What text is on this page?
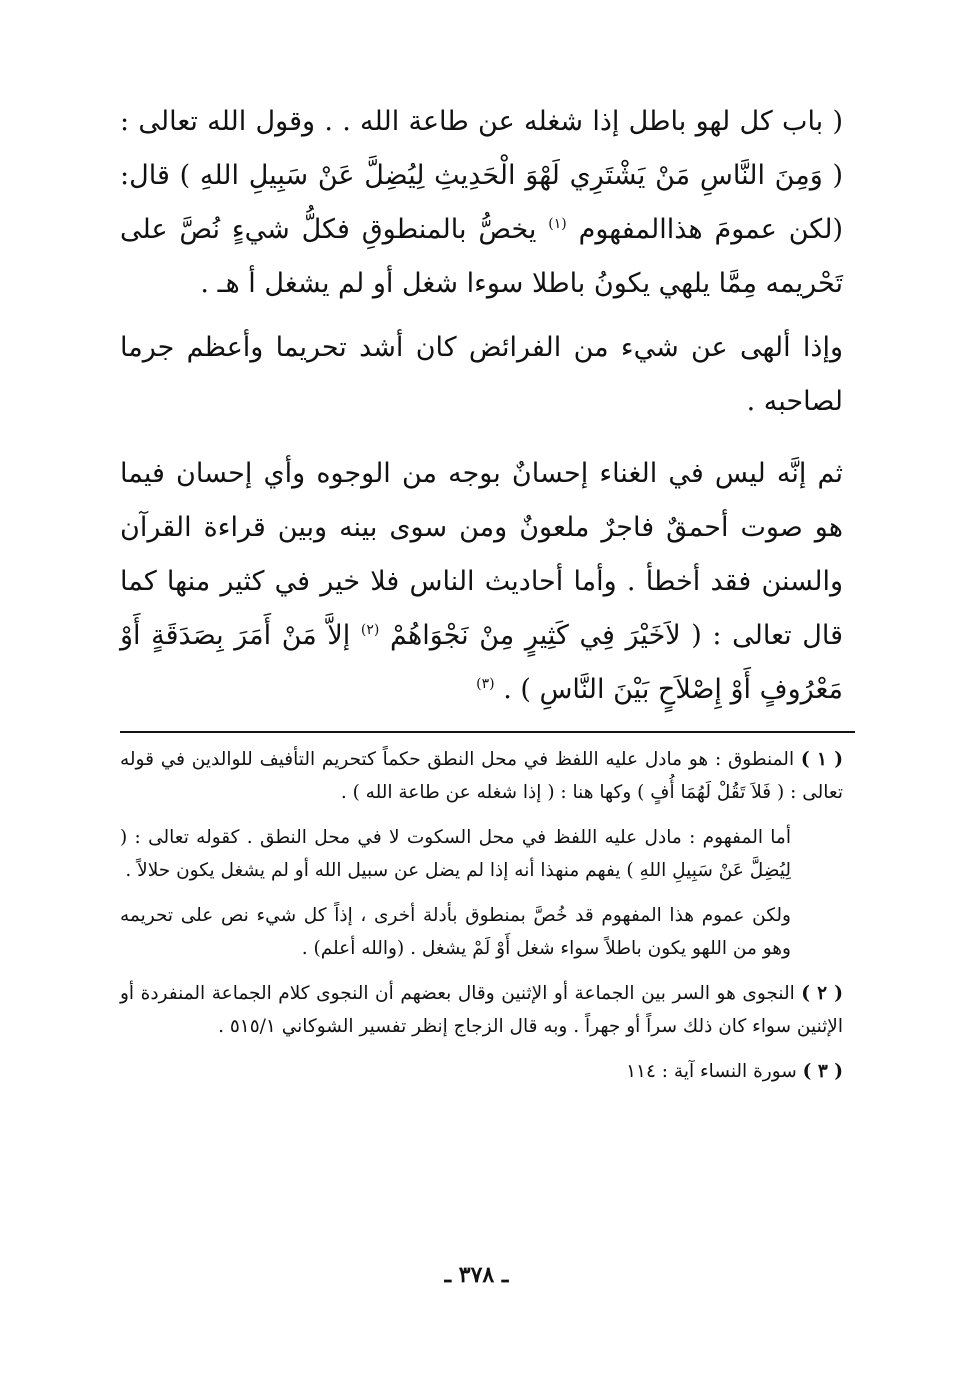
( باب كل لهو باطل إذا شغله عن طاعة الله . . وقول الله تعالى : ( وَمِنَ النَّاسِ مَنْ يَشْتَرِي لَهْوَ الْحَدِيثِ لِيُضِلَّ عَنْ سَبِيلِ اللهِ ) قال: (لكن عمومَ هذاالمفهوم $^{(١)}$ يخصُّ بالمنطوقِ فكلُّ شيءٍ نُصَّ على تَحْريمه مِمَّا يلهي يكونُ باطلا سوءا شغل أو لم يشغل أ هـ .

وإذا ألهى عن شيء من الفرائض كان أشد تحريما وأعظم جرما لصاحبه .

ثم إنَّه ليس في الغناء إحسانٌ بوجه من الوجوه وأي إحسان فيما هو صوت أحمقٌ فاجرٌ ملعونٌ ومن سوى بينه وبين قراءة القرآن والسنن فقد أخطأ . وأما أحاديث الناس فلا خير في كثير منها كما قال تعالى : ( لاَخَيْرَ فِي كَثِيرٍ مِنْ نَجْوَاهُمْ $^{(٢)}$ إلاَّ مَنْ أَمَرَ بِصَدَقَةٍ أَوْ مَعْرُوفٍ أَوْ إِصْلاَحٍ بَيْنَ النَّاسِ ) . $^{(٣)}$

( ١ ) المنطوق : هو مادل عليه اللفظ في محل النطق حكماً كتحريم التأفيف للوالدين في قوله تعالى : ( فَلاَ تَقُلْ لَهُمَا أُفٍ ) وكها هنا : ( إذا شغله عن طاعة الله ) .

أما المفهوم : مادل عليه اللفظ في محل السكوت لا في محل النطق . كقوله تعالى : ( لِيُضِلَّ عَنْ سَبِيلِ اللهِ ) يفهم منهذا أنه إذا لم يضل عن سبيل الله أو لم يشغل يكون حلالاً .

ولكن عموم هذا المفهوم قد خُصَّ بمنطوق بأدلة أخرى ، إذاً كل شيء نص على تحريمه وهو من اللهو يكون باطلاً سواء شغل أَوْ لَمْ يشغل . (والله أعلم) .

( ٢ ) النجوى هو السر بين الجماعة أو الإثنين وقال بعضهم أن النجوى كلام الجماعة المنفردة أو الإثنين سواء كان ذلك سراً أو جهراً . وبه قال الزجاج إنظر تفسير الشوكاني ٥١٥/١ .

( ٣ ) سورة النساء آية : ١١٤

ـ ٣٧٨ ـ
